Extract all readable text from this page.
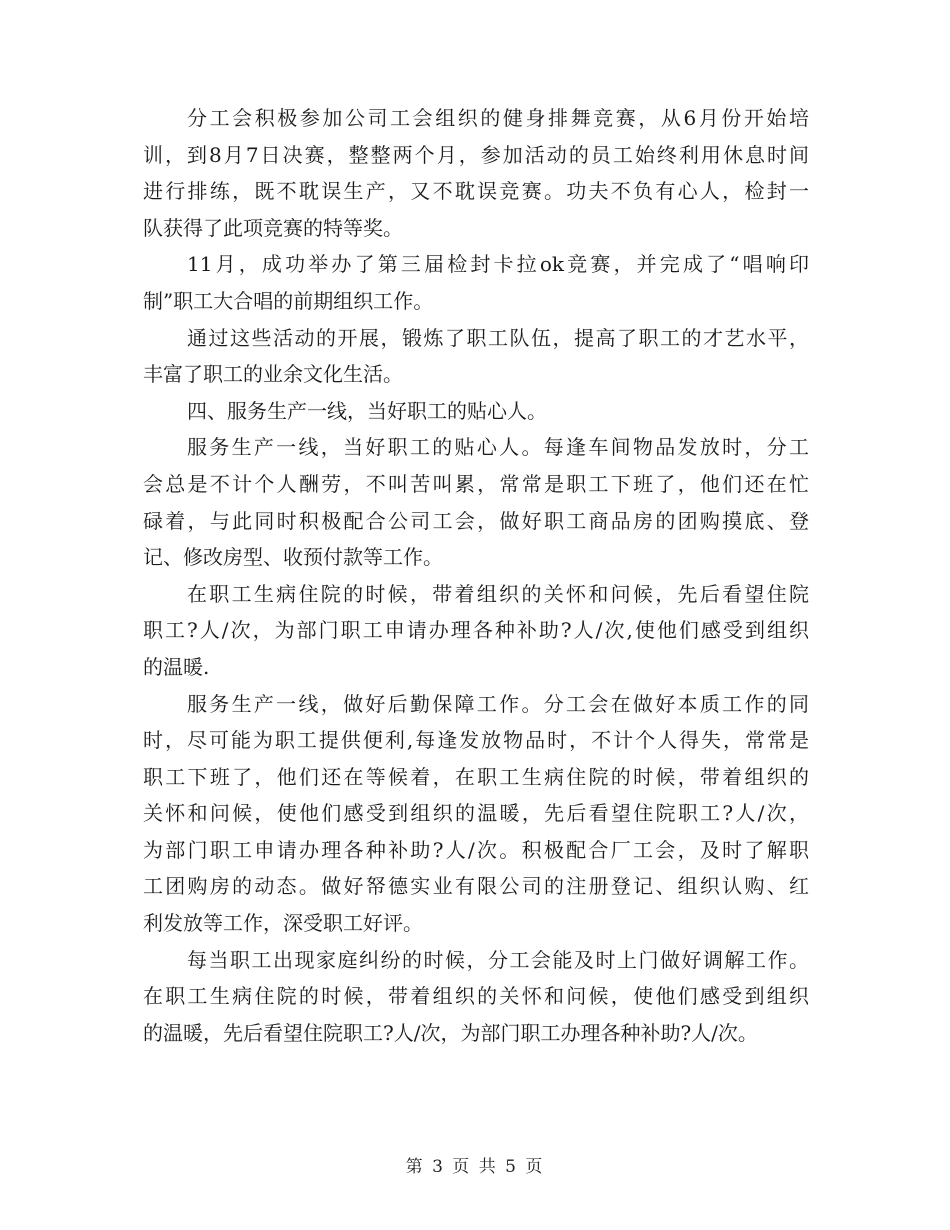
分工会积极参加公司工会组织的健身排舞竞赛，从6月份开始培
训，到8月7日决赛，整整两个月，参加活动的员工始终利用休息时间
进行排练，既不耽误生产，又不耽误竞赛。功夫不负有心人，检封一
队获得了此项竞赛的特等奖。
11月，成功举办了第三届检封卡拉ok竞赛，并完成了“唱响印
制”职工大合唱的前期组织工作。
通过这些活动的开展，锻炼了职工队伍，提高了职工的才艺水平，
丰富了职工的业余文化生活。
四、服务生产一线，当好职工的贴心人。
服务生产一线，当好职工的贴心人。每逢车间物品发放时，分工
会总是不计个人酬劳，不叫苦叫累，常常是职工下班了，他们还在忙
碌着，与此同时积极配合公司工会，做好职工商品房的团购摸底、登
记、修改房型、收预付款等工作。
在职工生病住院的时候，带着组织的关怀和问候，先后看望住院
职工?人/次，为部门职工申请办理各种补助?人/次,使他们感受到组织
的温暖.
服务生产一线，做好后勤保障工作。分工会在做好本质工作的同
时，尽可能为职工提供便利,每逢发放物品时，不计个人得失，常常是
职工下班了，他们还在等候着，在职工生病住院的时候，带着组织的
关怀和问候，使他们感受到组织的温暖，先后看望住院职工?人/次，
为部门职工申请办理各种补助?人/次。积极配合厂工会，及时了解职
工团购房的动态。做好帑德实业有限公司的注册登记、组织认购、红
利发放等工作，深受职工好评。
每当职工出现家庭纠纷的时候，分工会能及时上门做好调解工作。
在职工生病住院的时候，带着组织的关怀和问候，使他们感受到组织
的温暖，先后看望住院职工?人/次，为部门职工办理各种补助?人/次。
第 3 页 共 5 页
